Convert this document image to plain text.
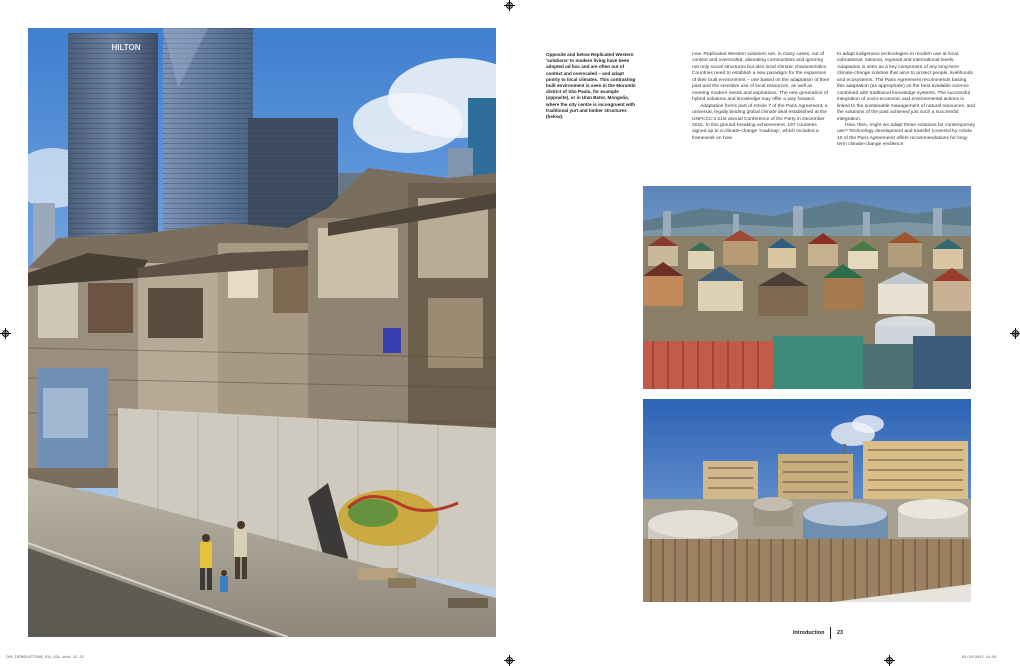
HILTON
Opposite and below Replicated Western 'solutions' to modern living have been adopted ad hoc and are often out of context and overscaled – and adapt poorly to local climates. This contrasting built environment is seen in the Morumbi district of São Paulo, for example (opposite), or in Ulan Bator, Mongolia, where the city centre is incongruent with traditional yurt and timber structures (below).

now. Replicated Western solutions are, in many cases, out of context and overscaled, alienating communities and ignoring not only social structures but also local climatic characteristics. Countries need to establish a new paradigm for the expansion of their built environment – one based on the adaptation of their past and the sensitive use of local resources, as well as meeting modern needs and aspirations. The new generation of hybrid solutions and knowledge may offer a way forward.

Adaptation forms part of Article 7 of the Paris Agreement, a universal, legally binding global climate deal established at the UNFCCC's 21st annual Conference of the Party in December 2015. In this ground-breaking achievement, 197 countries signed up to a climate-change 'roadmap', which included a framework on how

to adapt indigenous technologies to modern use at local, subnational, national, regional and international levels. Adaptation is seen as a key component of any long-term climate-change solution that aims to protect people, livelihoods and ecosystems. The Paris Agreement recommends basing this adaptation (as appropriate) on the best available science combined with traditional knowledge systems. The successful integration of socio-economic and environmental actions is linked to the sustainable management of natural resources, and the solutions of the past achieved just such a successful integration.

How, then, might we adapt these solutions for contemporary use? Technology development and transfer (covered by Article 10 of the Paris Agreement) offers recommendations for long-term climate-change resilience

Introduction 23
CH0_INTRODUCTIONS_014_031.indd 22-23	03/10/2022 14:03
